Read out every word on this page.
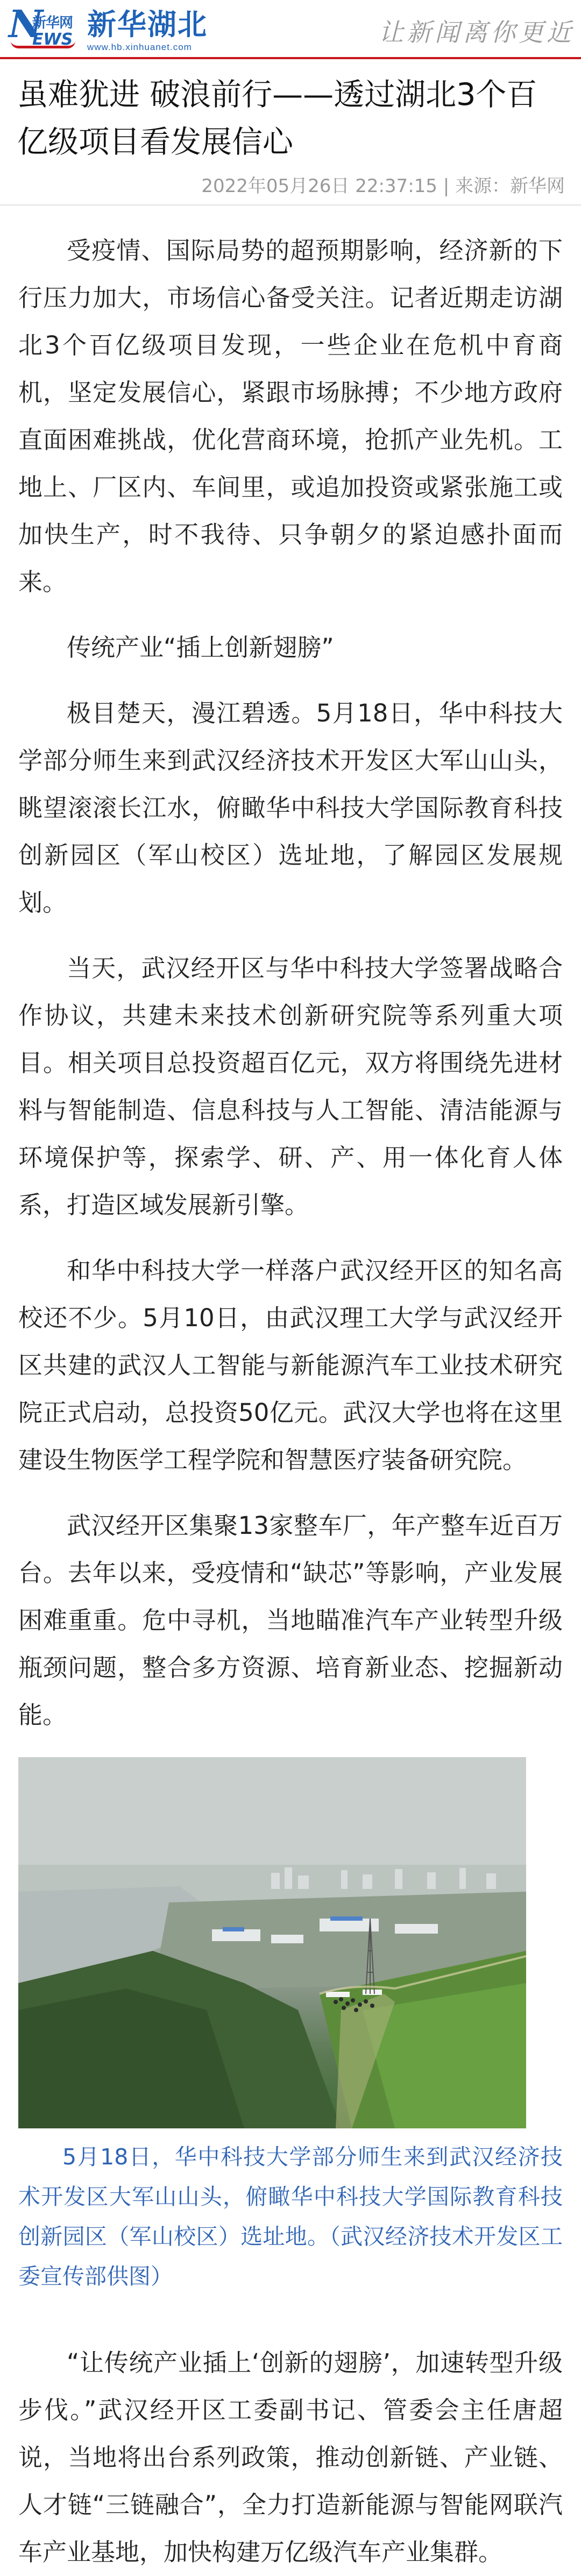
N
新华网
EWS 新华湖北
www.hb.xinhuanet.com
让新闻离你更近
虽难犹进 破浪前行——透过湖北3个百亿级项目看发展信心
2022年05月26日 22:37:15 | 来源：新华网

受疫情、国际局势的超预期影响，经济新的下行压力加大，市场信心备受关注。记者近期走访湖北3个百亿级项目发现，一些企业在危机中育商机，坚定发展信心，紧跟市场脉搏；不少地方政府直面困难挑战，优化营商环境，抢抓产业先机。工地上、厂区内、车间里，或追加投资或紧张施工或加快生产，时不我待、只争朝夕的紧迫感扑面而来。

传统产业“插上创新翅膀”

极目楚天，漫江碧透。5月18日，华中科技大学部分师生来到武汉经济技术开发区大军山山头，眺望滚滚长江水，俯瞰华中科技大学国际教育科技创新园区（军山校区）选址地，了解园区发展规划。

当天，武汉经开区与华中科技大学签署战略合作协议，共建未来技术创新研究院等系列重大项目。相关项目总投资超百亿元，双方将围绕先进材料与智能制造、信息科技与人工智能、清洁能源与环境保护等，探索学、研、产、用一体化育人体系，打造区域发展新引擎。

和华中科技大学一样落户武汉经开区的知名高校还不少。5月10日，由武汉理工大学与武汉经开区共建的武汉人工智能与新能源汽车工业技术研究院正式启动，总投资50亿元。武汉大学也将在这里建设生物医学工程学院和智慧医疗装备研究院。

武汉经开区集聚13家整车厂，年产整车近百万台。去年以来，受疫情和“缺芯”等影响，产业发展困难重重。危中寻机，当地瞄准汽车产业转型升级瓶颈问题，整合多方资源、培育新业态、挖掘新动能。

5月18日，华中科技大学部分师生来到武汉经济技术开发区大军山山头，俯瞰华中科技大学国际教育科技创新园区（军山校区）选址地。（武汉经济技术开发区工委宣传部供图）

“让传统产业插上‘创新的翅膀’，加速转型升级步伐。”武汉经开区工委副书记、管委会主任唐超说，当地将出台系列政策，推动创新链、产业链、人才链“三链融合”，全力打造新能源与智能网联汽车产业基地，加快构建万亿级汽车产业集群。
